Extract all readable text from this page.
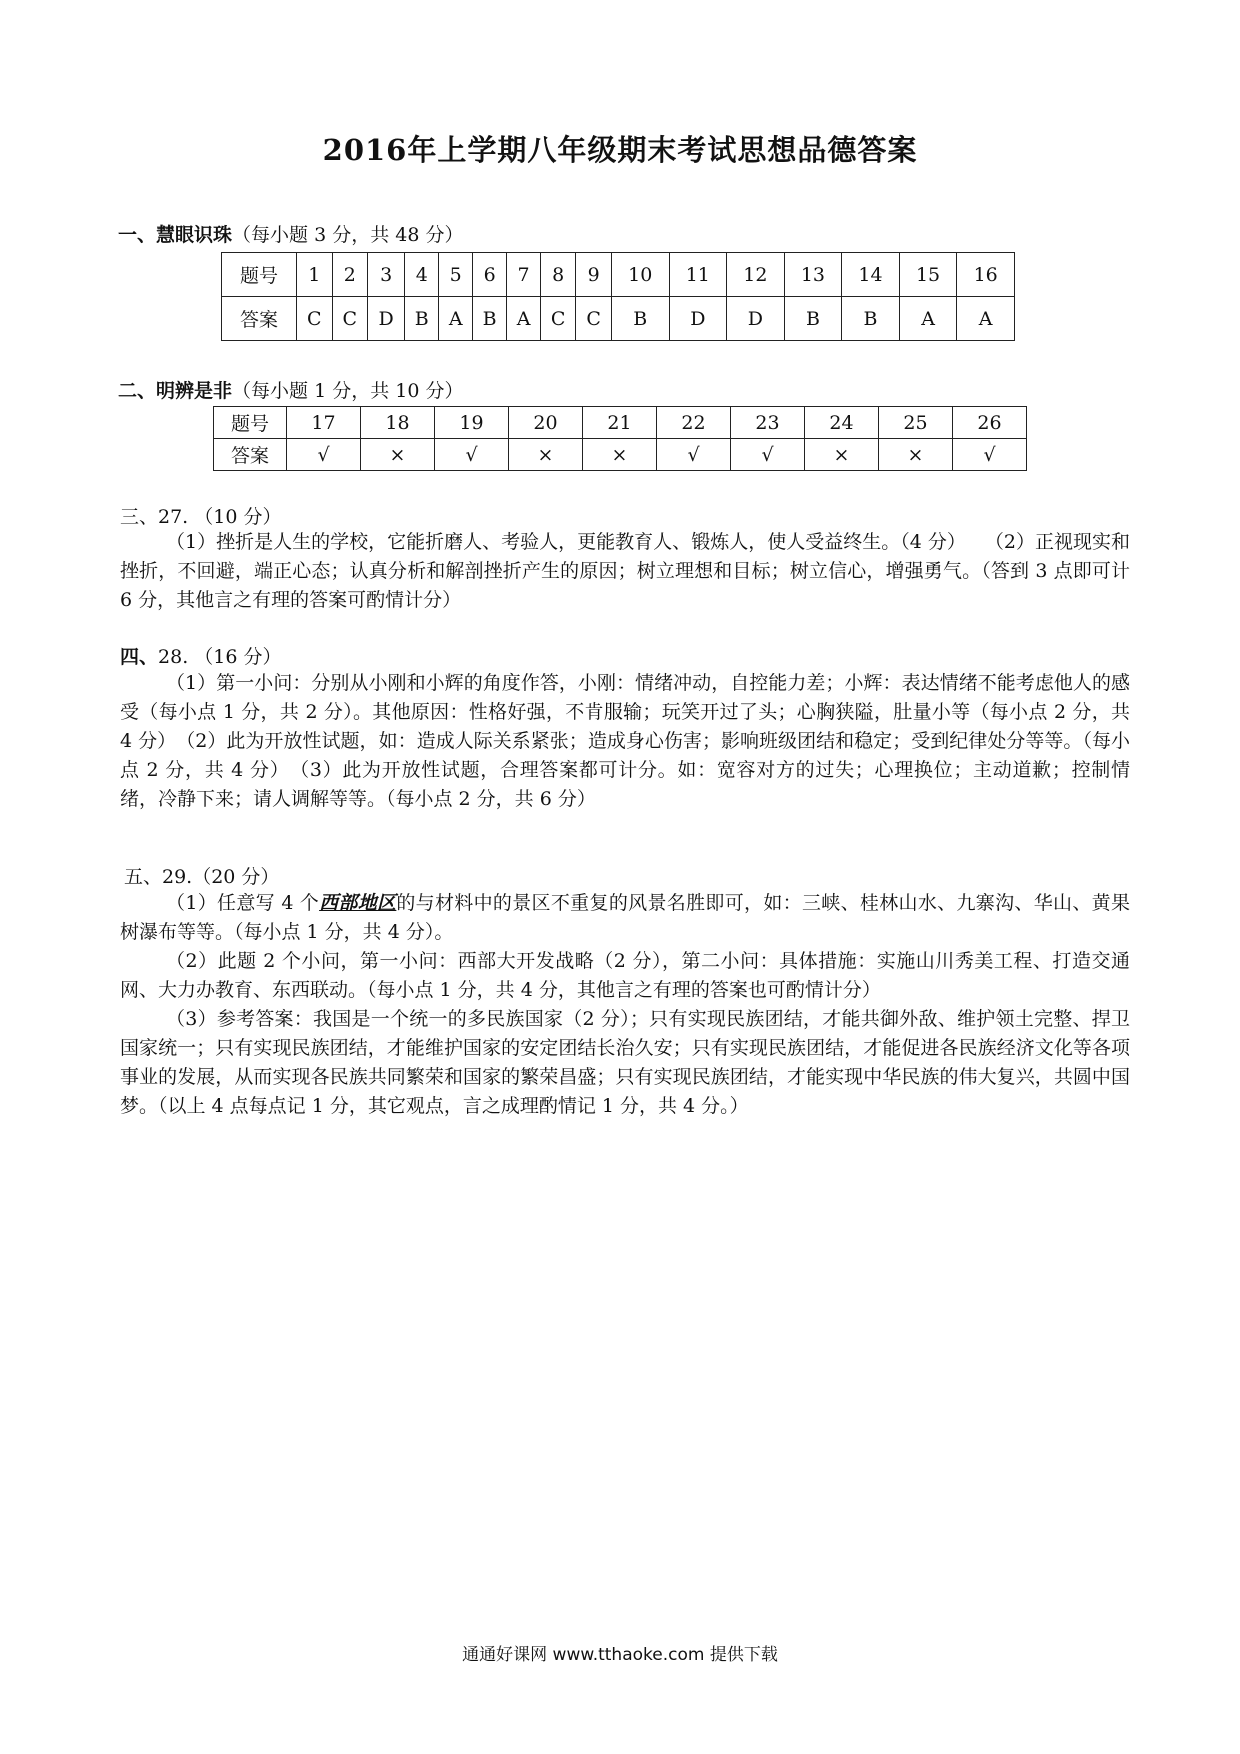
2016年上学期八年级期末考试思想品德答案
一、慧眼识珠（每小题 3 分，共 48 分）
题号	1	2	3	4	5	6	7	8	9	10	11	12	13	14	15	16
答案	C	C	D	B	A	B	A	C	C	B	D	D	B	B	A	A
二、明辨是非（每小题 1 分，共 10 分）
题号	17	18	19	20	21	22	23	24	25	26
答案	√	×	√	×	×	√	√	×	×	√
三、27. （10 分）
（1）挫折是人生的学校，它能折磨人、考验人，更能教育人、锻炼人，使人受益终生。（4 分）　　（2）正视现实和挫折，不回避，端正心态；认真分析和解剖挫折产生的原因；树立理想和目标；树立信心，增强勇气。（答到 3 点即可计 6 分，其他言之有理的答案可酌情计分）
四、28. （16 分）
（1）第一小问：分别从小刚和小辉的角度作答，小刚：情绪冲动，自控能力差；小辉：表达情绪不能考虑他人的感受（每小点 1 分，共 2 分）。其他原因：性格好强，不肯服输；玩笑开过了头；心胸狭隘，肚量小等（每小点 2 分，共 4 分）　（2）此为开放性试题，如：造成人际关系紧张；造成身心伤害；影响班级团结和稳定；受到纪律处分等等。（每小点 2 分，共 4 分）　（3）此为开放性试题，合理答案都可计分。如：宽容对方的过失；心理换位；主动道歉；控制情绪，冷静下来；请人调解等等。（每小点 2 分，共 6 分）
五、29.（20 分）
（1）任意写 4 个西部地区的与材料中的景区不重复的风景名胜即可，如：三峡、桂林山水、九寨沟、华山、黄果树瀑布等等。（每小点 1 分，共 4 分）。
（2）此题 2 个小问，第一小问：西部大开发战略（2 分），第二小问：具体措施：实施山川秀美工程、打造交通网、大力办教育、东西联动。（每小点 1 分，共 4 分，其他言之有理的答案也可酌情计分）
（3）参考答案：我国是一个统一的多民族国家（2 分）；只有实现民族团结，才能共御外敌、维护领土完整、捍卫国家统一；只有实现民族团结，才能维护国家的安定团结长治久安；只有实现民族团结，才能促进各民族经济文化等各项事业的发展，从而实现各民族共同繁荣和国家的繁荣昌盛；只有实现民族团结，才能实现中华民族的伟大复兴，共圆中国梦。（以上 4 点每点记 1 分，其它观点，言之成理酌情记 1 分，共 4 分。）
通通好课网 www.tthaoke.com 提供下载
